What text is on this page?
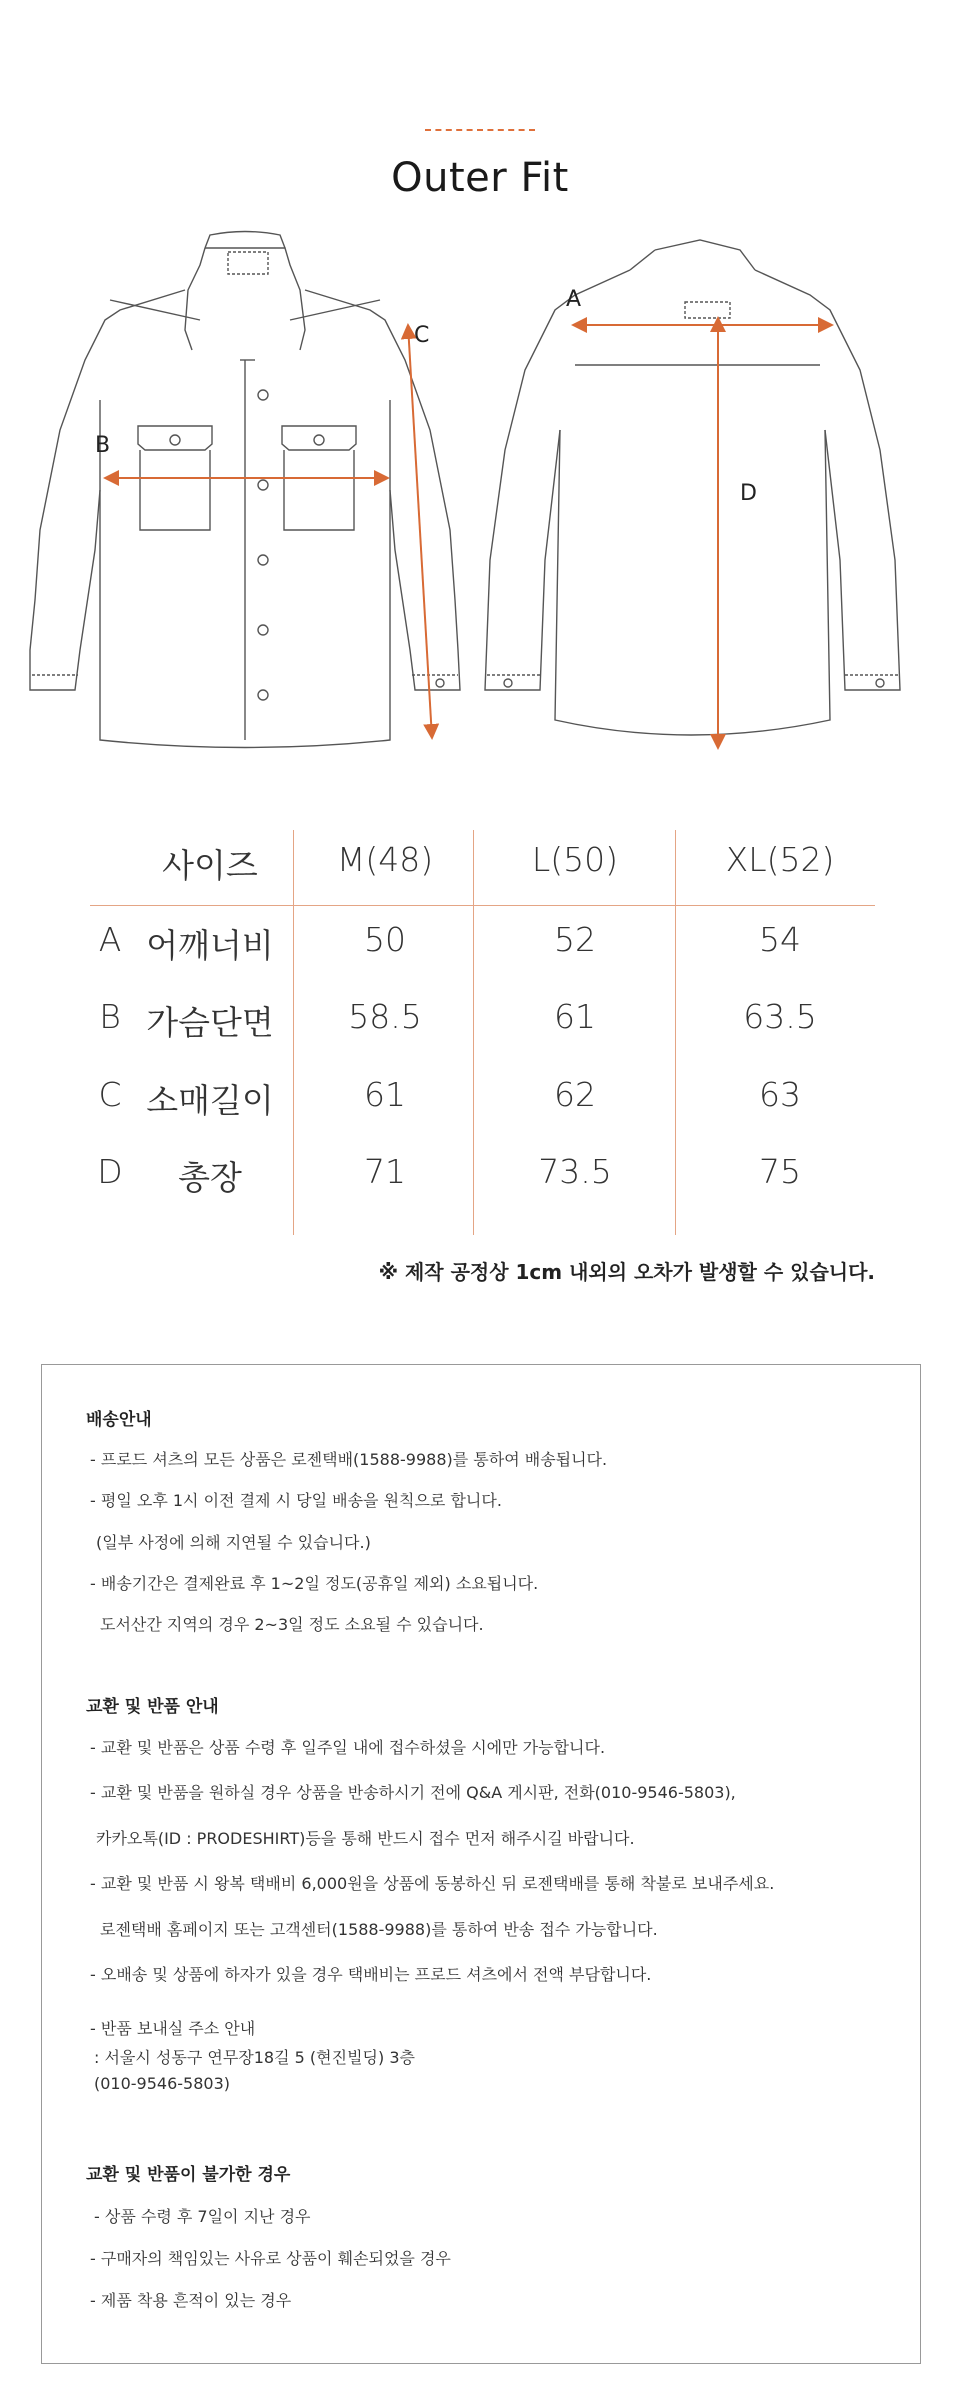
Outer Fit
B
C
A
D
사이즈	M(48)	L(50)	XL(52)
A 어깨너비	50	52	54
B 가슴단면	58.5	61	63.5
C 소매길이	61	62	63
D	총장	71	73.5	75
※ 제작 공정상 1cm 내외의 오차가 발생할 수 있습니다.
배송안내
- 프로드 셔츠의 모든 상품은 로젠택배(1588-9988)를 통하여 배송됩니다.
- 평일 오후 1시 이전 결제 시 당일 배송을 원칙으로 합니다.
(일부 사정에 의해 지연될 수 있습니다.)
- 배송기간은 결제완료 후 1~2일 정도(공휴일 제외) 소요됩니다.
도서산간 지역의 경우 2~3일 정도 소요될 수 있습니다.
교환 및 반품 안내
- 교환 및 반품은 상품 수령 후 일주일 내에 접수하셨을 시에만 가능합니다.
- 교환 및 반품을 원하실 경우 상품을 반송하시기 전에 Q&A 게시판, 전화(010-9546-5803),
카카오톡(ID : PRODESHIRT)등을 통해 반드시 접수 먼저 해주시길 바랍니다.
- 교환 및 반품 시 왕복 택배비 6,000원을 상품에 동봉하신 뒤 로젠택배를 통해 착불로 보내주세요.
로젠택배 홈페이지 또는 고객센터(1588-9988)를 통하여 반송 접수 가능합니다.
- 오배송 및 상품에 하자가 있을 경우 택배비는 프로드 셔츠에서 전액 부담합니다.
- 반품 보내실 주소 안내
: 서울시 성동구 연무장18길 5 (현진빌딩) 3층
(010-9546-5803)
교환 및 반품이 불가한 경우
- 상품 수령 후 7일이 지난 경우
- 구매자의 책임있는 사유로 상품이 훼손되었을 경우
- 제품 착용 흔적이 있는 경우
